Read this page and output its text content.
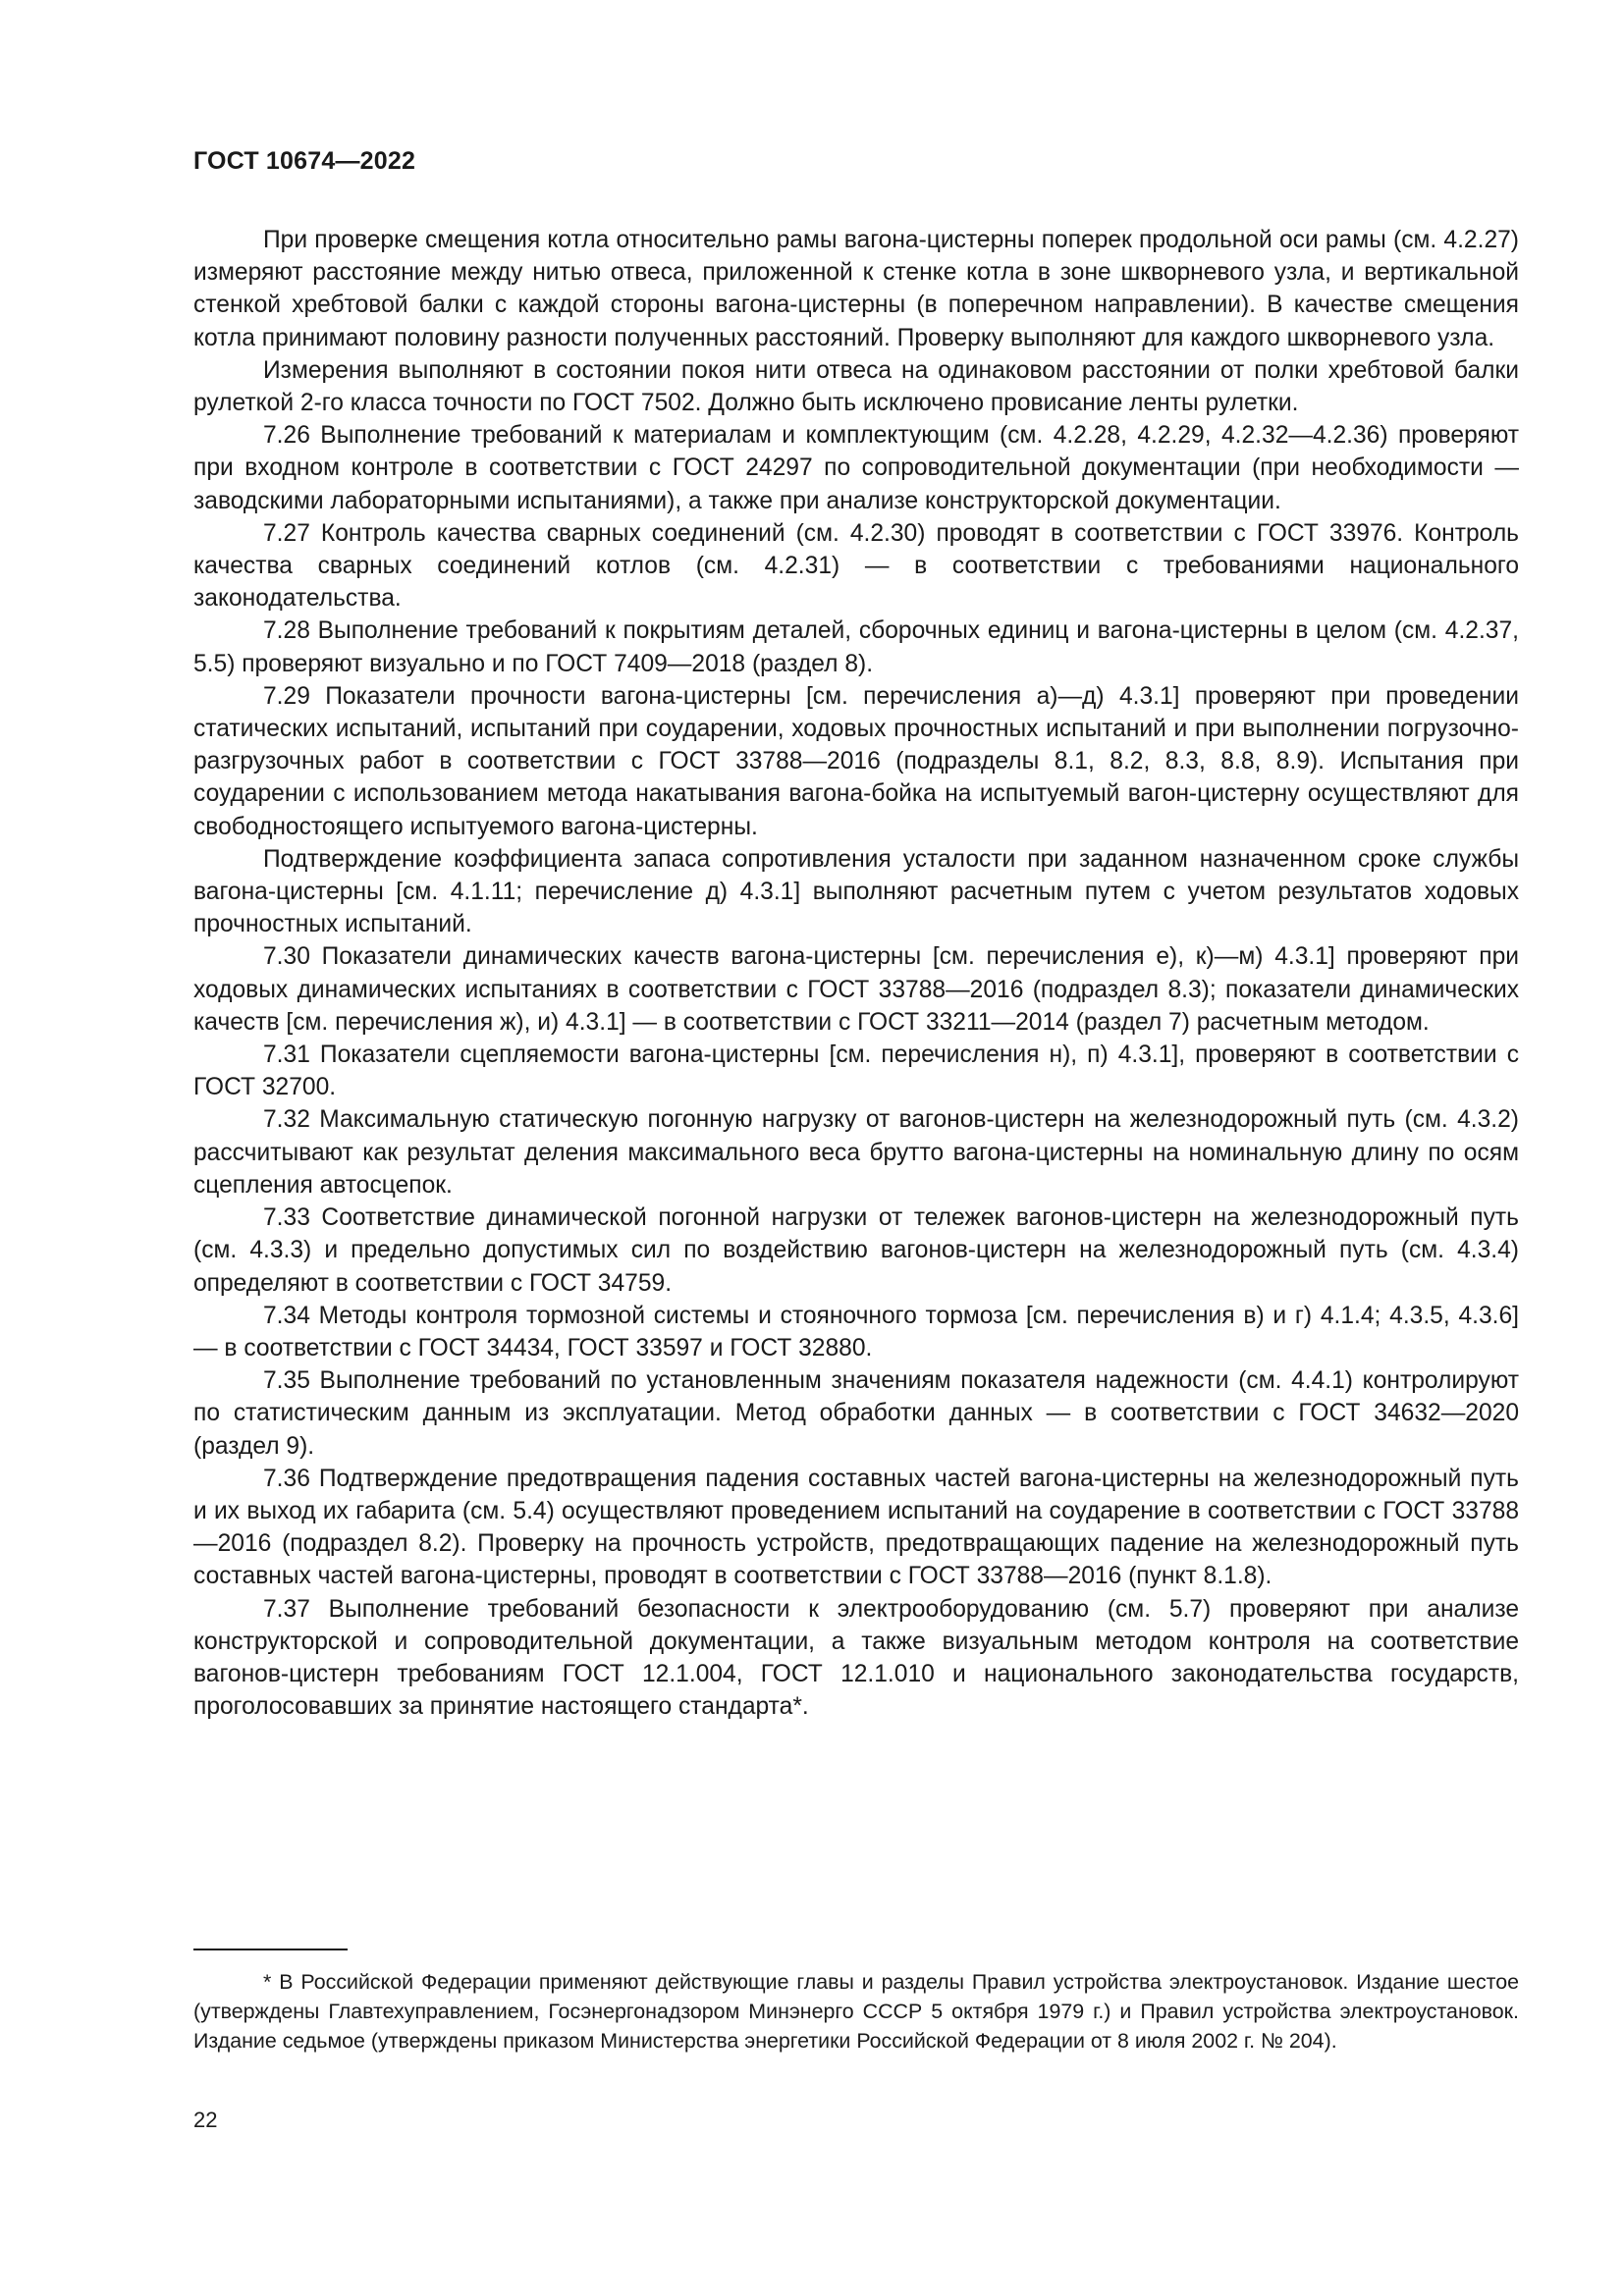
ГОСТ 10674—2022

При проверке смещения котла относительно рамы вагона-цистерны поперек продольной оси рамы (см. 4.2.27) измеряют расстояние между нитью отвеса, приложенной к стенке котла в зоне шкворневого узла, и вертикальной стенкой хребтовой балки с каждой стороны вагона-цистерны (в поперечном направлении). В качестве смещения котла принимают половину разности полученных расстояний. Проверку выполняют для каждого шкворневого узла.

Измерения выполняют в состоянии покоя нити отвеса на одинаковом расстоянии от полки хребтовой балки рулеткой 2-го класса точности по ГОСТ 7502. Должно быть исключено провисание ленты рулетки.

7.26 Выполнение требований к материалам и комплектующим (см. 4.2.28, 4.2.29, 4.2.32—4.2.36) проверяют при входном контроле в соответствии с ГОСТ 24297 по сопроводительной документации (при необходимости — заводскими лабораторными испытаниями), а также при анализе конструкторской документации.

7.27 Контроль качества сварных соединений (см. 4.2.30) проводят в соответствии с ГОСТ 33976. Контроль качества сварных соединений котлов (см. 4.2.31) — в соответствии с требованиями национального законодательства.

7.28 Выполнение требований к покрытиям деталей, сборочных единиц и вагона-цистерны в целом (см. 4.2.37, 5.5) проверяют визуально и по ГОСТ 7409—2018 (раздел 8).

7.29 Показатели прочности вагона-цистерны [см. перечисления а)—д) 4.3.1] проверяют при проведении статических испытаний, испытаний при соударении, ходовых прочностных испытаний и при выполнении погрузочно-разгрузочных работ в соответствии с ГОСТ 33788—2016 (подразделы 8.1, 8.2, 8.3, 8.8, 8.9). Испытания при соударении с использованием метода накатывания вагона-бойка на испытуемый вагон-цистерну осуществляют для свободностоящего испытуемого вагона-цистерны.

Подтверждение коэффициента запаса сопротивления усталости при заданном назначенном сроке службы вагона-цистерны [см. 4.1.11; перечисление д) 4.3.1] выполняют расчетным путем с учетом результатов ходовых прочностных испытаний.

7.30 Показатели динамических качеств вагона-цистерны [см. перечисления е), к)—м) 4.3.1] проверяют при ходовых динамических испытаниях в соответствии с ГОСТ 33788—2016 (подраздел 8.3); показатели динамических качеств [см. перечисления ж), и) 4.3.1] — в соответствии с ГОСТ 33211—2014 (раздел 7) расчетным методом.

7.31 Показатели сцепляемости вагона-цистерны [см. перечисления н), п) 4.3.1], проверяют в соответствии с ГОСТ 32700.

7.32 Максимальную статическую погонную нагрузку от вагонов-цистерн на железнодорожный путь (см. 4.3.2) рассчитывают как результат деления максимального веса брутто вагона-цистерны на номинальную длину по осям сцепления автосцепок.

7.33 Соответствие динамической погонной нагрузки от тележек вагонов-цистерн на железнодорожный путь (см. 4.3.3) и предельно допустимых сил по воздействию вагонов-цистерн на железнодорожный путь (см. 4.3.4) определяют в соответствии с ГОСТ 34759.

7.34 Методы контроля тормозной системы и стояночного тормоза [см. перечисления в) и г) 4.1.4; 4.3.5, 4.3.6] — в соответствии с ГОСТ 34434, ГОСТ 33597 и ГОСТ 32880.

7.35 Выполнение требований по установленным значениям показателя надежности (см. 4.4.1) контролируют по статистическим данным из эксплуатации. Метод обработки данных — в соответствии с ГОСТ 34632—2020 (раздел 9).

7.36 Подтверждение предотвращения падения составных частей вагона-цистерны на железнодорожный путь и их выход их габарита (см. 5.4) осуществляют проведением испытаний на соударение в соответствии с ГОСТ 33788—2016 (подраздел 8.2). Проверку на прочность устройств, предотвращающих падение на железнодорожный путь составных частей вагона-цистерны, проводят в соответствии с ГОСТ 33788—2016 (пункт 8.1.8).

7.37 Выполнение требований безопасности к электрооборудованию (см. 5.7) проверяют при анализе конструкторской и сопроводительной документации, а также визуальным методом контроля на соответствие вагонов-цистерн требованиям ГОСТ 12.1.004, ГОСТ 12.1.010 и национального законодательства государств, проголосовавших за принятие настоящего стандарта*.

* В Российской Федерации применяют действующие главы и разделы Правил устройства электроустановок. Издание шестое (утверждены Главтехуправлением, Госэнергонадзором Минэнерго СССР 5 октября 1979 г.) и Правил устройства электроустановок. Издание седьмое (утверждены приказом Министерства энергетики Российской Федерации от 8 июля 2002 г. № 204).

22
